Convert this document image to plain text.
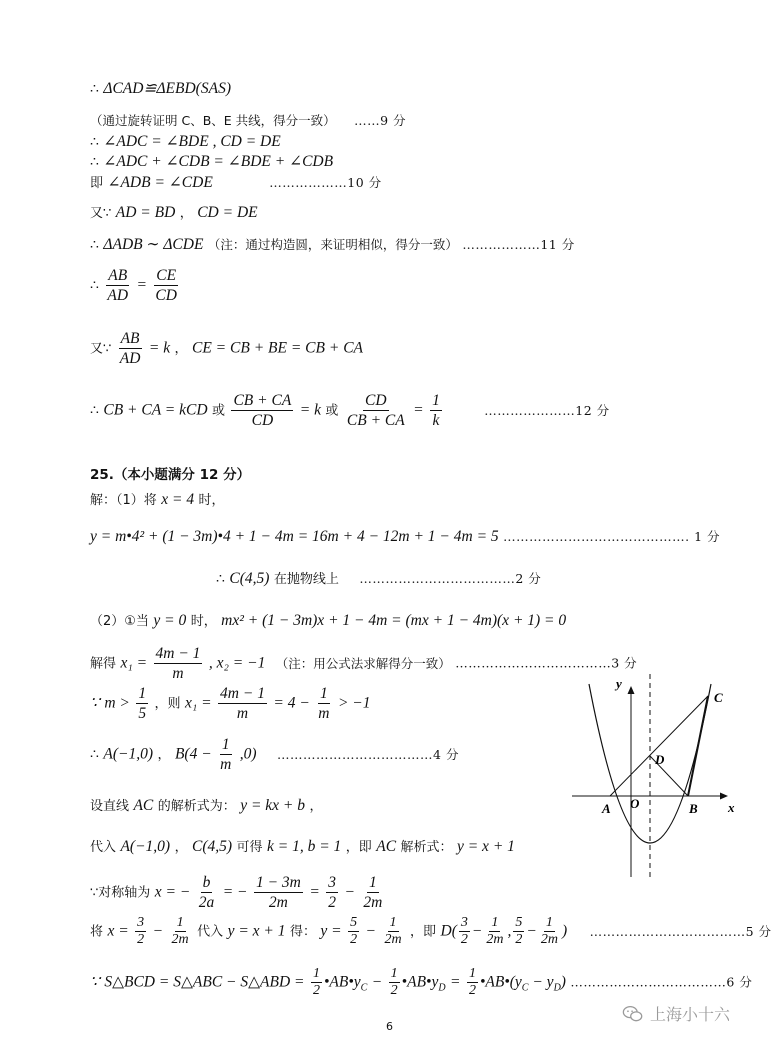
∴ ΔCAD≌ΔEBD(SAS)
（通过旋转证明 C、B、E 共线，得分一致） ……9 分
∴ ∠ADC = ∠BDE , CD = DE
∴ ∠ADC + ∠CDB = ∠BDE + ∠CDB
即 ∠ADB = ∠CDE	………………10 分
又∵ AD = BD ， CD = DE
∴ ΔADB ∼ ΔCDE （注：通过构造圆，来证明相似，得分一致） ………………11 分
∴ $\frac{AB}{AD} = \frac{CE}{CD}$
又∵ $\frac{AB}{AD} = k$ ， CE = CB + BE = CB + CA
∴ CB + CA = kCD 或 $\frac{CB + CA}{CD} = k$ 或 $\frac{CD}{CB + CA} = \frac{1}{k}$	…………………12 分
25.（本小题满分 12 分）
解：（1）将 x = 4 时，
y = m•4² + (1 − 3m)•4 + 1 − 4m = 16m + 4 − 12m + 1 − 4m = 5 ……………………………………. 1 分
∴ C(4,5) 在抛物线上 ………………………………2 分
（2）①当 y = 0 时， mx² + (1 − 3m)x + 1 − 4m = (mx + 1 − 4m)(x + 1) = 0
解得 $x_1 = \frac{4m - 1}{m}$ , x₂ = −1 （注：用公式法求解得分一致） ………………………………3 分
∵ $m > \frac{1}{5}$ ，则 $x_1 = \frac{4m - 1}{m} = 4 - \frac{1}{m} > -1$
∴ A(−1,0) ， $B(4 - \frac{1}{m} ,0)$ ………………………………4 分
设直线 AC 的解析式为： y = kx + b ，
代入 A(−1,0) ， C(4,5) 可得 k = 1, b = 1 ，即 AC 解析式： y = x + 1
∵对称轴为 x = − $\frac{b}{2a}$ = − $\frac{1 - 3m}{2m} = \frac{3}{2} - \frac{1}{2m}$
将 $x = \frac{3}{2} - \frac{1}{2m}$ 代入 y = x + 1 得： $y = \frac{5}{2} - \frac{1}{2m}$ ，即 $D( \frac{3}{2} - \frac{1}{2m}$ , $\frac{5}{2} - \frac{1}{2m}$ ) ………………………………5 分
∵ S△BCD = S△ABC − S△ABD = $\frac{1}{2}$ $•AB•y_C - \frac{1}{2}$ $•AB•y_D = \frac{1}{2}$ $•AB•(y_C - y_D)$ ………………………………6 分
y
x
A O	B
C
D
6
上海小十六
